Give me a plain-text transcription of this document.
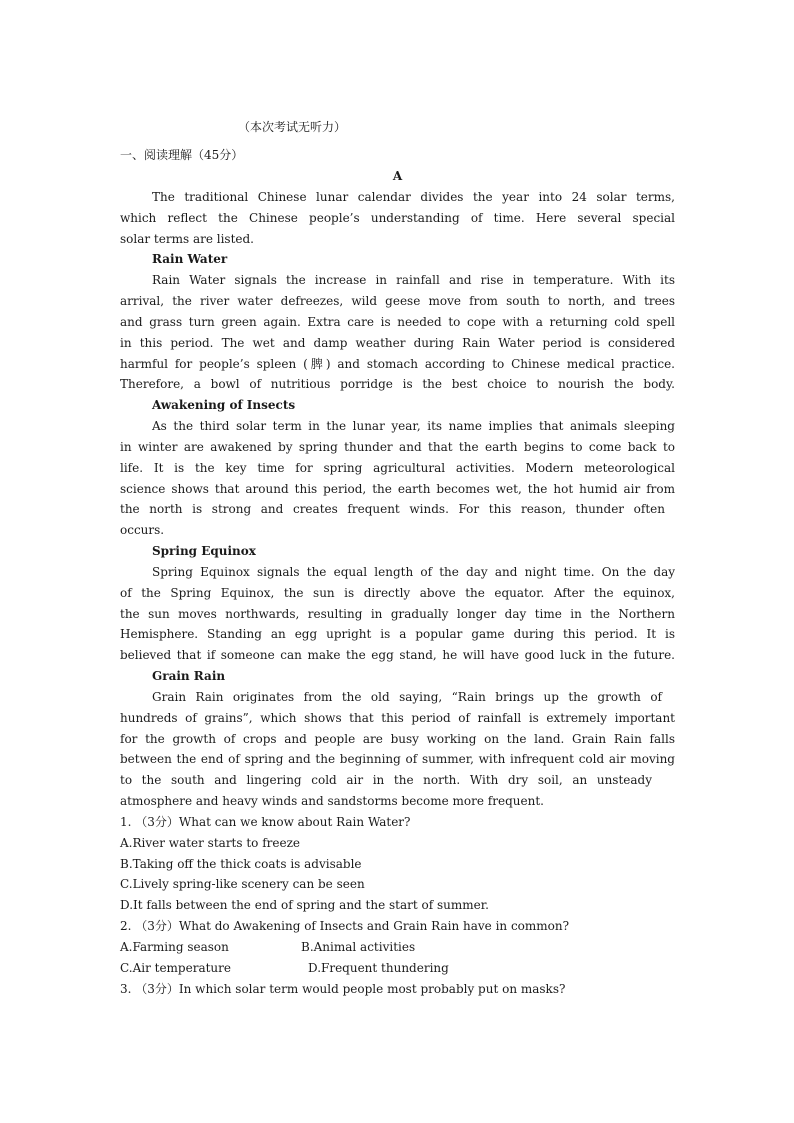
（本次考试无听力）
一、阅读理解（45分）
A
The traditional Chinese lunar calendar divides the year into 24 solar terms,
which reflect the Chinese people’s understanding of time. Here several special
solar terms are listed.
Rain Water
Rain Water signals the increase in rainfall and rise in temperature. With its
arrival, the river water defreezes, wild geese move from south to north, and trees
and grass turn green again. Extra care is needed to cope with a returning cold spell
in this period. The wet and damp weather during Rain Water period is considered
harmful for people’s spleen (脾) and stomach according to Chinese medical practice.
Therefore, a bowl of nutritious porridge is the best choice to nourish the body.
Awakening of Insects
As the third solar term in the lunar year, its name implies that animals sleeping
in winter are awakened by spring thunder and that the earth begins to come back to
life. It is the key time for spring agricultural activities. Modern meteorological
science shows that around this period, the earth becomes wet, the hot humid air from
the north is strong and creates frequent winds. For this reason, thunder often
occurs.
Spring Equinox
Spring Equinox signals the equal length of the day and night time. On the day
of the Spring Equinox, the sun is directly above the equator. After the equinox,
the sun moves northwards, resulting in gradually longer day time in the Northern
Hemisphere. Standing an egg upright is a popular game during this period. It is
believed that if someone can make the egg stand, he will have good luck in the future.
Grain Rain
Grain Rain originates from the old saying, “Rain brings up the growth of
hundreds of grains”, which shows that this period of rainfall is extremely important
for the growth of crops and people are busy working on the land. Grain Rain falls
between the end of spring and the beginning of summer, with infrequent cold air moving
to the south and lingering cold air in the north. With dry soil, an unsteady
atmosphere and heavy winds and sandstorms become more frequent.
1. （3分）What can we know about Rain Water?
A.River water starts to freeze
B.Taking off the thick coats is advisable
C.Lively spring-like scenery can be seen
D.It falls between the end of spring and the start of summer.
2. （3分）What do Awakening of Insects and Grain Rain have in common?
A.Farming season	B.Animal activities
C.Air temperature	D.Frequent thundering
3. （3分）In which solar term would people most probably put on masks?
